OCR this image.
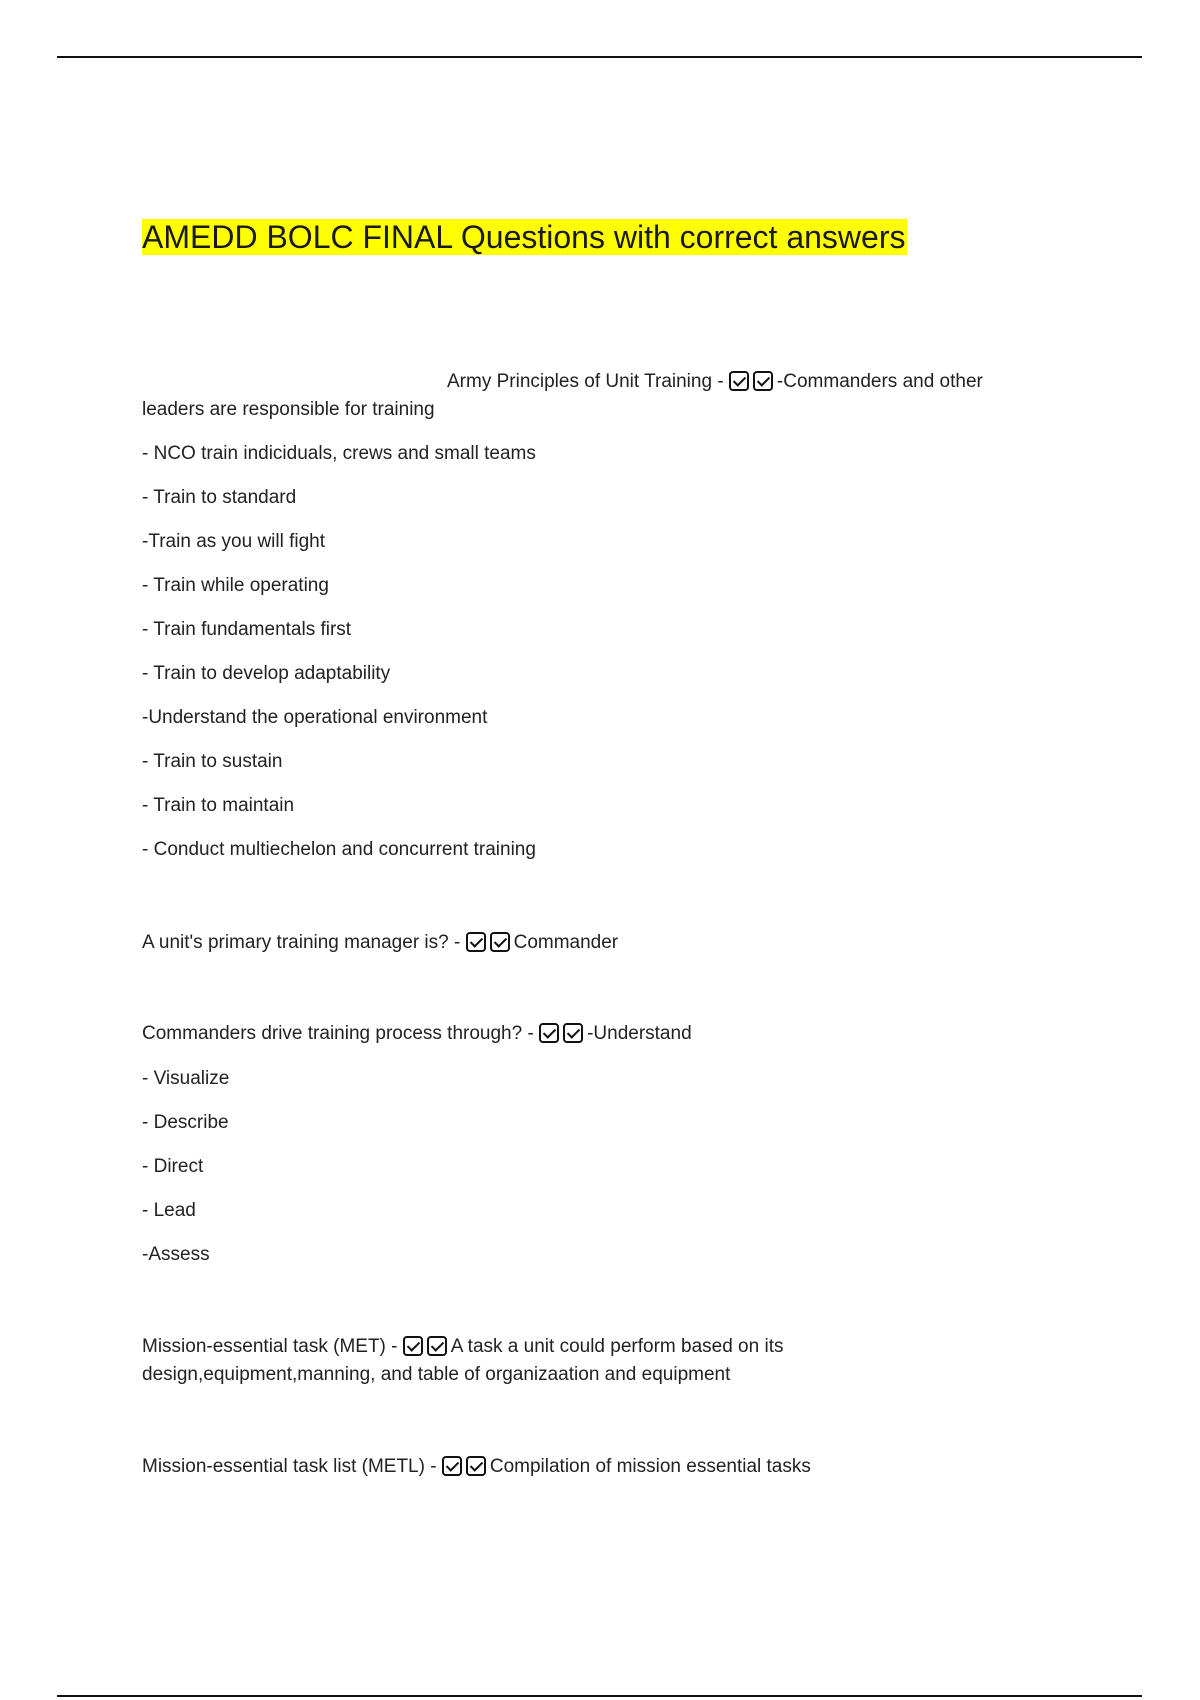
AMEDD BOLC FINAL Questions with correct answers
Army Principles of Unit Training -	-Commanders and other
leaders are responsible for training
- NCO train indiciduals, crews and small teams
- Train to standard
-Train as you will fight
- Train while operating
- Train fundamentals first
- Train to develop adaptability
-Understand the operational environment
- Train to sustain
- Train to maintain
- Conduct multiechelon and concurrent training
A unit's primary training manager is? -	Commander
Commanders drive training process through? -	-Understand
- Visualize
- Describe
- Direct
- Lead
-Assess
Mission-essential task (MET) -	A task a unit could perform based on its
design,equipment,manning, and table of organizaation and equipment
Mission-essential task list (METL) -	Compilation of mission essential tasks
